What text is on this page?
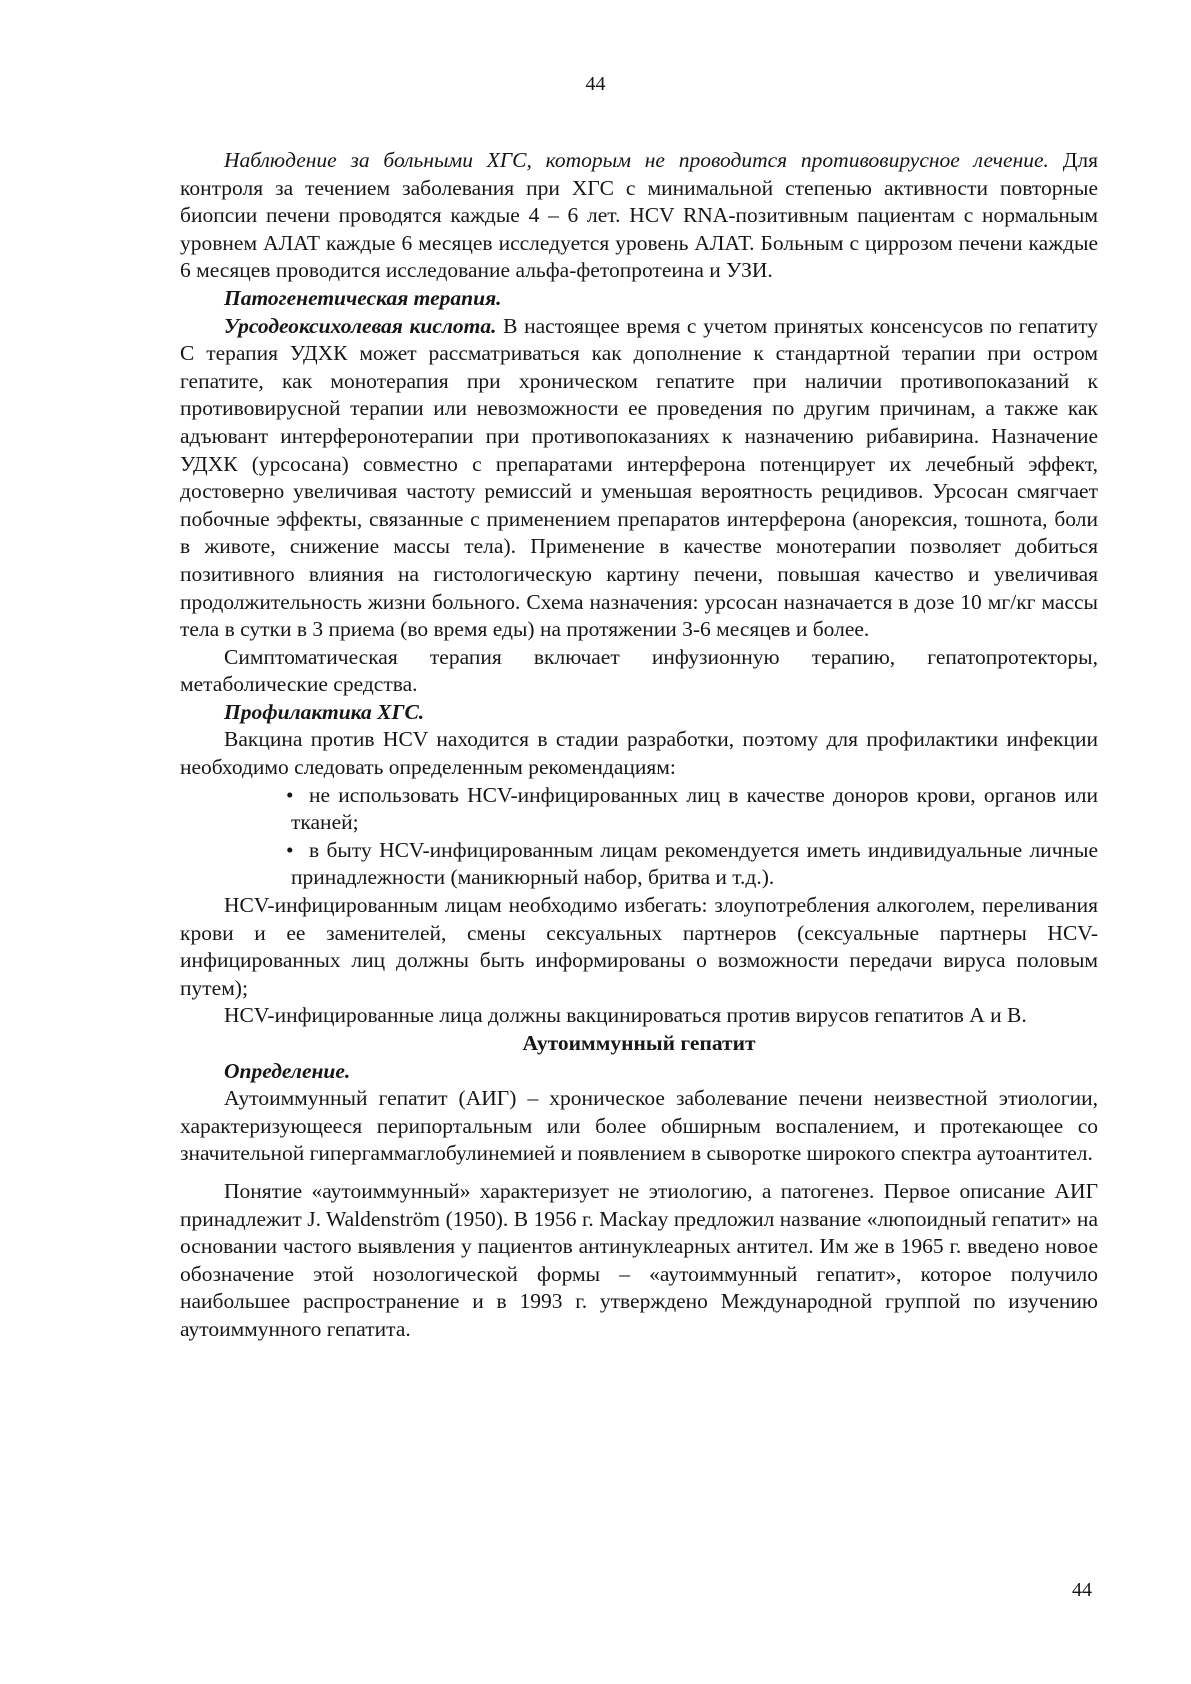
44

Наблюдение за больными ХГС, которым не проводится противовирусное лечение. Для контроля за течением заболевания при ХГС с минимальной степенью активности повторные биопсии печени проводятся каждые 4 – 6 лет. HCV RNA-позитивным пациентам с нормальным уровнем АЛАТ каждые 6 месяцев исследуется уровень АЛАТ. Больным с циррозом печени каждые 6 месяцев проводится исследование альфа-фетопротеина и УЗИ.

Патогенетическая терапия.

Урсодеоксихолевая кислота. В настоящее время с учетом принятых консенсусов по гепатиту С терапия УДХК может рассматриваться как дополнение к стандартной терапии при остром гепатите, как монотерапия при хроническом гепатите при наличии противопоказаний к противовирусной терапии или невозможности ее проведения по другим причинам, а также как адъювант интерферонотерапии при противопоказаниях к назначению рибавирина. Назначение УДХК (урсосана) совместно с препаратами интерферона потенцирует их лечебный эффект, достоверно увеличивая частоту ремиссий и уменьшая вероятность рецидивов. Урсосан смягчает побочные эффекты, связанные с применением препаратов интерферона (анорексия, тошнота, боли в животе, снижение массы тела). Применение в качестве монотерапии позволяет добиться позитивного влияния на гистологическую картину печени, повышая качество и увеличивая продолжительность жизни больного. Схема назначения: урсосан назначается в дозе 10 мг/кг массы тела в сутки в 3 приема (во время еды) на протяжении 3-6 месяцев и более.

Симптоматическая терапия включает инфузионную терапию, гепатопротекторы, метаболические средства.

Профилактика ХГС.

Вакцина против HCV находится в стадии разработки, поэтому для профилактики инфекции необходимо следовать определенным рекомендациям:

• не использовать HCV-инфицированных лиц в качестве доноров крови, органов или тканей;
• в быту HCV-инфицированным лицам рекомендуется иметь индивидуальные личные принадлежности (маникюрный набор, бритва и т.д.).

HCV-инфицированным лицам необходимо избегать: злоупотребления алкоголем, переливания крови и ее заменителей, смены сексуальных партнеров (сексуальные партнеры HCV-инфицированных лиц должны быть информированы о возможности передачи вируса половым путем);

HCV-инфицированные лица должны вакцинироваться против вирусов гепатитов А и В.

Аутоиммунный гепатит

Определение.

Аутоиммунный гепатит (АИГ) – хроническое заболевание печени неизвестной этиологии, характеризующееся перипортальным или более обширным воспалением, и протекающее со значительной гипергаммаглобулинемией и появлением в сыворотке широкого спектра аутоантител.

Понятие «аутоиммунный» характеризует не этиологию, а патогенез. Первое описание АИГ принадлежит J. Waldenström (1950). В 1956 г. Mackay предложил название «люпоидный гепатит» на основании частого выявления у пациентов антинуклеарных антител. Им же в 1965 г. введено новое обозначение этой нозологической формы – «аутоиммунный гепатит», которое получило наибольшее распространение и в 1993 г. утверждено Международной группой по изучению аутоиммунного гепатита.

44
